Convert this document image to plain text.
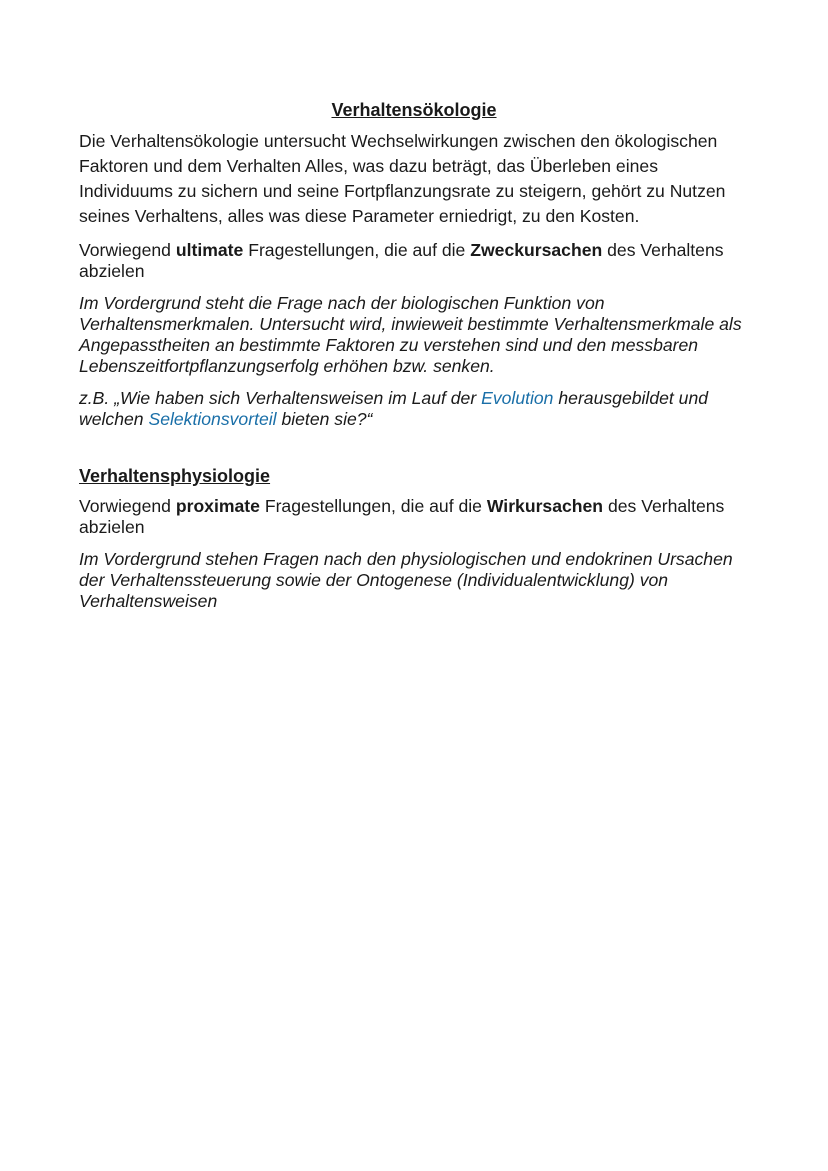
Verhaltensökologie

Die Verhaltensökologie untersucht Wechselwirkungen zwischen den ökologischen Faktoren und dem Verhalten Alles, was dazu beträgt, das Überleben eines Individuums zu sichern und seine Fortpflanzungsrate zu steigern, gehört zu Nutzen seines Verhaltens, alles was diese Parameter erniedrigt, zu den Kosten.

Vorwiegend ultimate Fragestellungen, die auf die Zweckursachen des Verhaltens abzielen

Im Vordergrund steht die Frage nach der biologischen Funktion von Verhaltensmerkmalen. Untersucht wird, inwieweit bestimmte Verhaltensmerkmale als Angepasstheiten an bestimmte Faktoren zu verstehen sind und den messbaren Lebenszeitfortpflanzungserfolg erhöhen bzw. senken.

z.B. „Wie haben sich Verhaltensweisen im Lauf der Evolution herausgebildet und welchen Selektionsvorteil bieten sie?“

Verhaltensphysiologie

Vorwiegend proximate Fragestellungen, die auf die Wirkursachen des Verhaltens abzielen

Im Vordergrund stehen Fragen nach den physiologischen und endokrinen Ursachen der Verhaltenssteuerung sowie der Ontogenese (Individualentwicklung) von Verhaltensweisen
